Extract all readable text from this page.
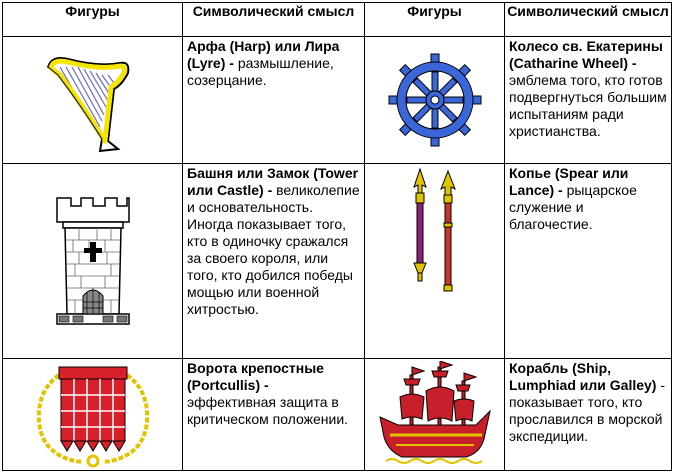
Фигуры	Символический смысл	Фигуры	Символический смысл

	Арфа (Harp) или Лира (Lyre) - размышление, созерцание.		Колесо св. Екатерины (Catharine Wheel) - эмблема того, кто готов подвергнуться большим испытаниям ради христианства.

	Башня или Замок (Tower или Castle) - великолепие и основательность. Иногда показывает того, кто в одиночку сражался за своего короля, или того, кто добился победы мощью или военной хитростью.		Копье (Spear или Lance) - рыцарское служение и благочестие.

	Ворота крепостные (Portcullis) - эффективная защита в критическом положении.		Корабль (Ship, Lumphiad или Galley) - показывает того, кто прославился в морской экспедиции.
